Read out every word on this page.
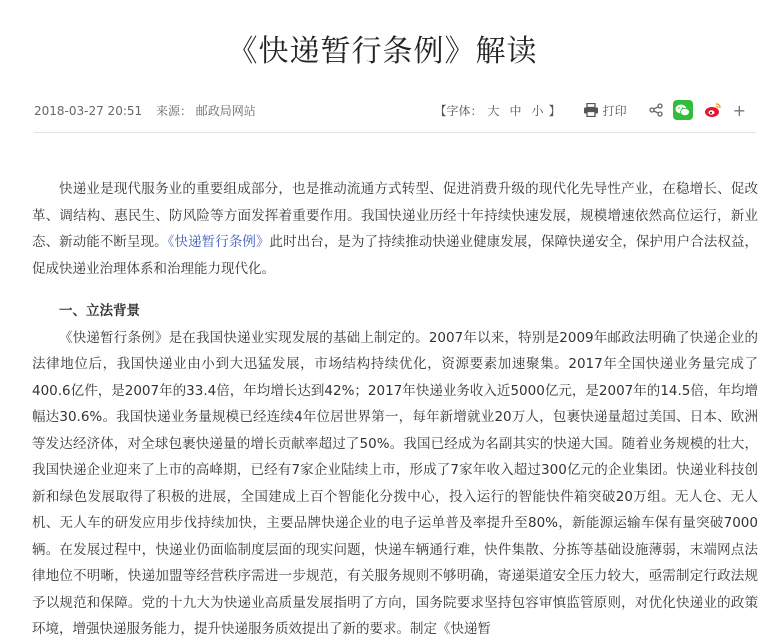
《快递暂行条例》解读
2018-03-27 20:51 来源： 邮政局网站	【字体： 大 中 小 】	打印	+

快递业是现代服务业的重要组成部分，也是推动流通方式转型、促进消费升级的现代化先导性产业，在稳增长、促改革、调结构、惠民生、防风险等方面发挥着重要作用。我国快递业历经十年持续快速发展，规模增速依然高位运行，新业态、新动能不断呈现。《快递暂行条例》此时出台，是为了持续推动快递业健康发展，保障快递安全，保护用户合法权益，促成快递业治理体系和治理能力现代化。

一、立法背景

《快递暂行条例》是在我国快递业实现发展的基础上制定的。2007年以来，特别是2009年邮政法明确了快递企业的法律地位后，我国快递业由小到大迅猛发展，市场结构持续优化，资源要素加速聚集。2017年全国快递业务量完成了400.6亿件，是2007年的33.4倍，年均增长达到42%；2017年快递业务收入近5000亿元，是2007年的14.5倍，年均增幅达30.6%。我国快递业务量规模已经连续4年位居世界第一，每年新增就业20万人，包裹快递量超过美国、日本、欧洲等发达经济体，对全球包裹快递量的增长贡献率超过了50%。我国已经成为名副其实的快递大国。随着业务规模的壮大，我国快递企业迎来了上市的高峰期，已经有7家企业陆续上市，形成了7家年收入超过300亿元的企业集团。快递业科技创新和绿色发展取得了积极的进展，全国建成上百个智能化分拨中心，投入运行的智能快件箱突破20万组。无人仓、无人机、无人车的研发应用步伐持续加快，主要品牌快递企业的电子运单普及率提升至80%，新能源运输车保有量突破7000辆。在发展过程中，快递业仍面临制度层面的现实问题，快递车辆通行难，快件集散、分拣等基础设施薄弱，末端网点法律地位不明晰，快递加盟等经营秩序需进一步规范，有关服务规则不够明确，寄递渠道安全压力较大，亟需制定行政法规予以规范和保障。党的十九大为快递业高质量发展指明了方向，国务院要求坚持包容审慎监管原则，对优化快递业的政策环境，增强快递服务能力，提升快递服务质效提出了新的要求。制定《快递暂
